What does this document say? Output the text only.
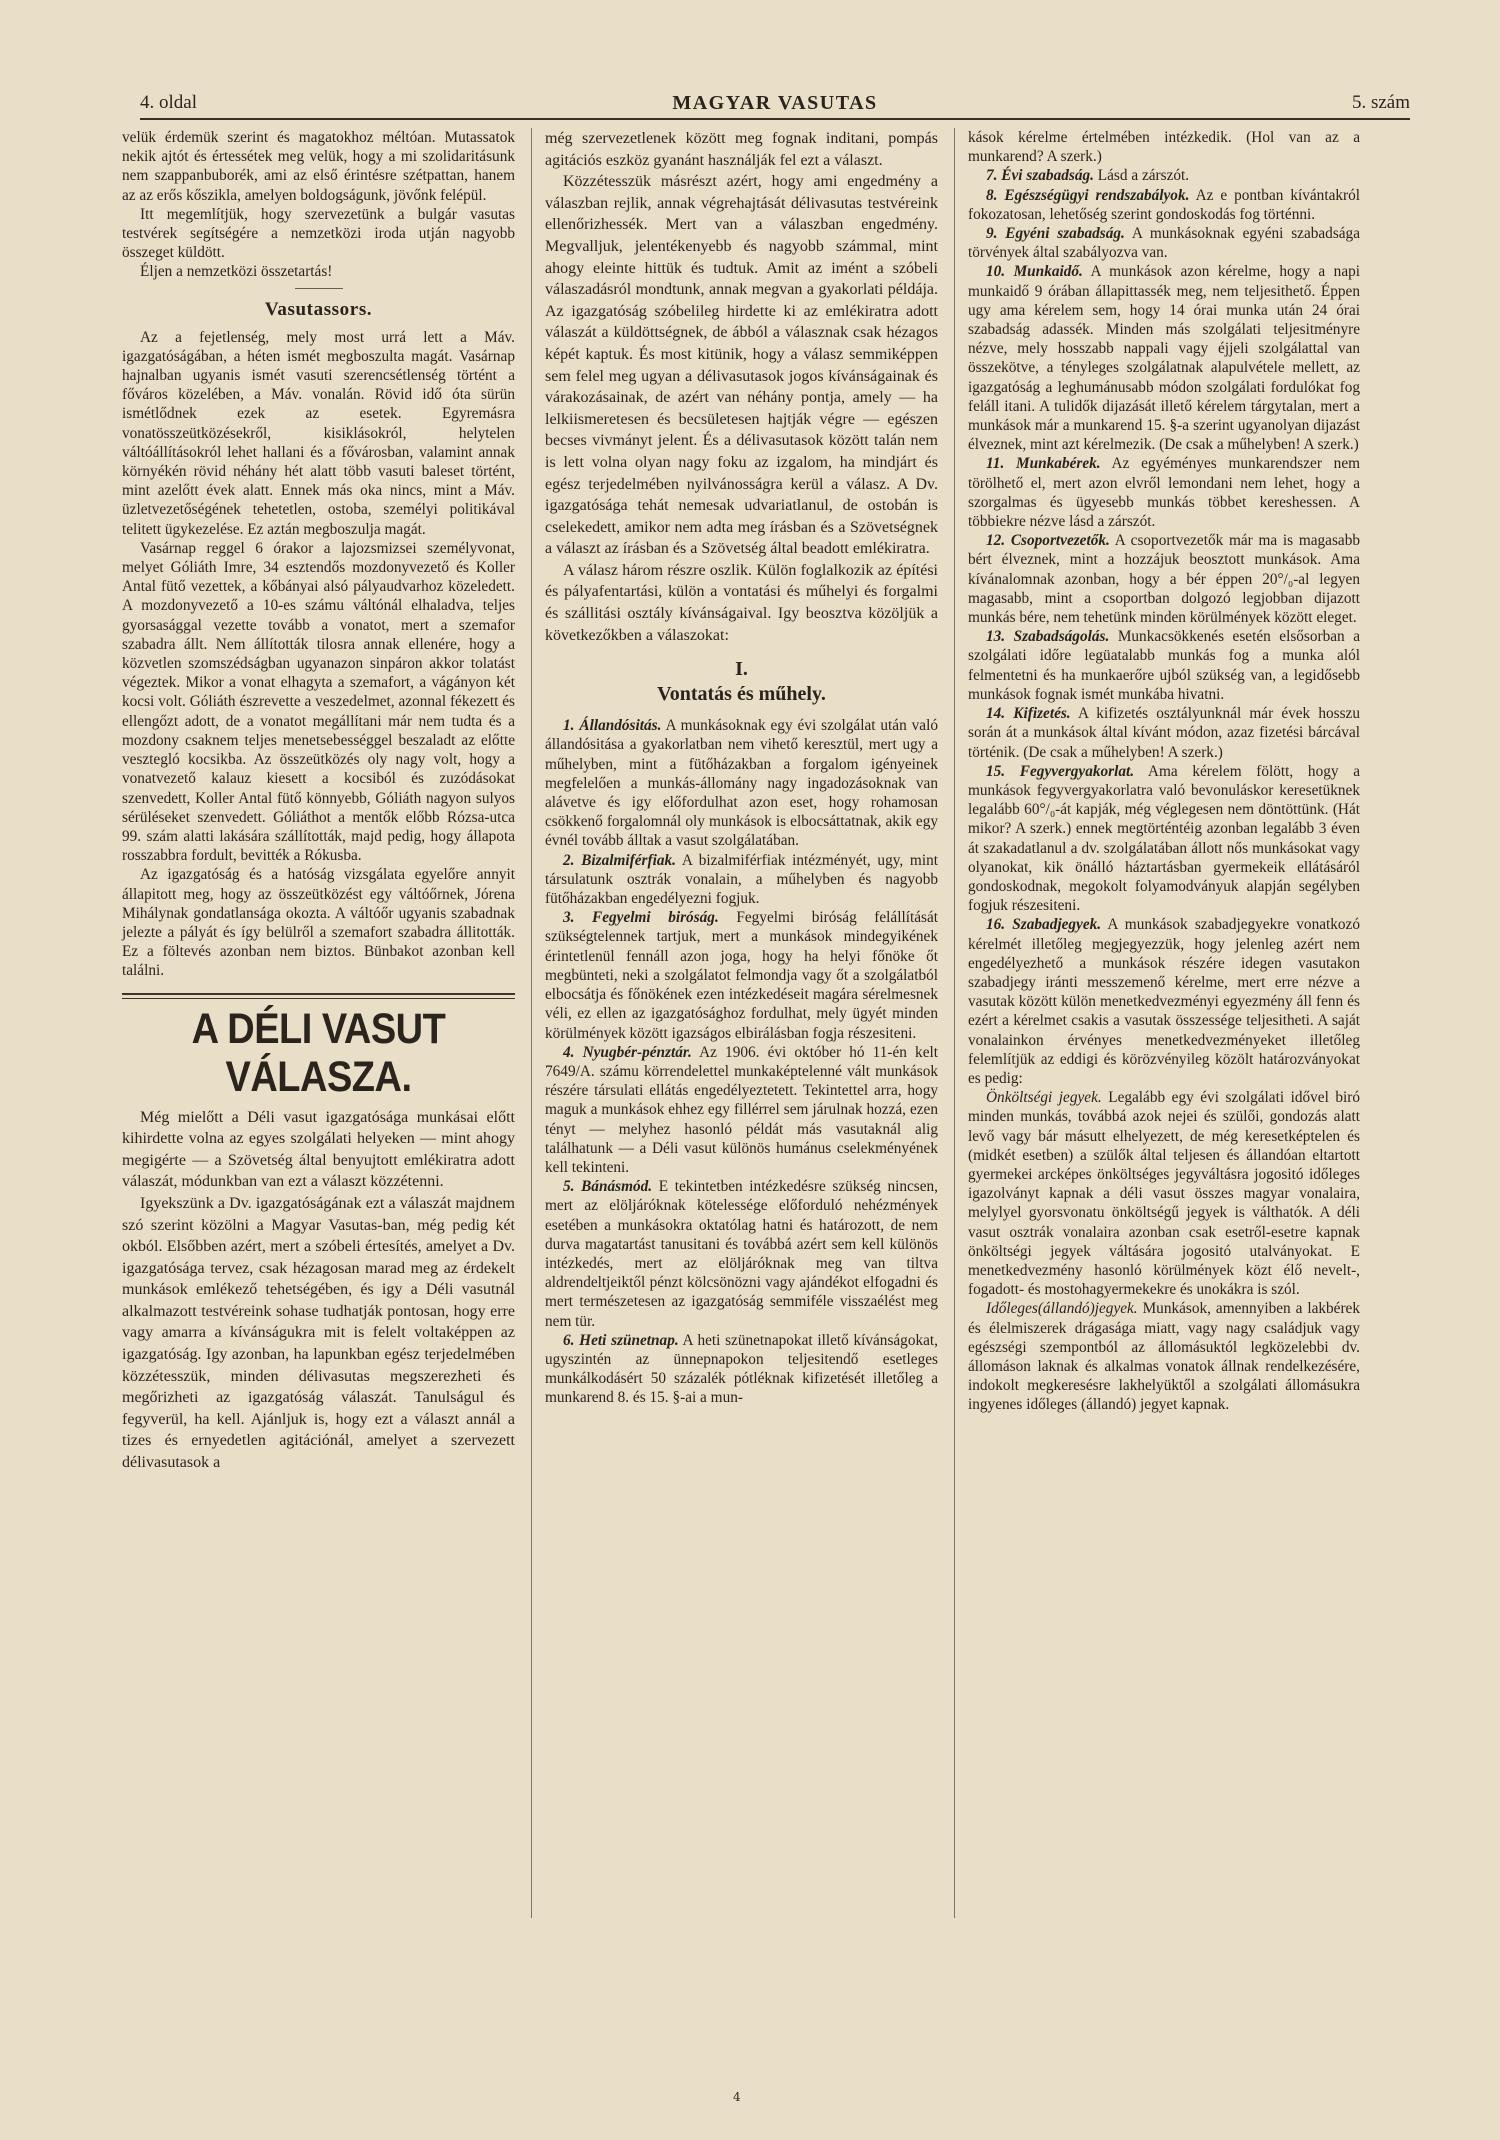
4. oldal	MAGYAR VASUTAS	5. szám

velük érdemük szerint és magatokhoz méltóan. Mutassatok nekik ajtót és értessétek meg velük, hogy a mi szolidaritásunk nem szappanbuborék, ami az első érintésre szétpattan, hanem az az erős kőszikla, amelyen boldogságunk, jövőnk felépül.

Itt megemlítjük, hogy szervezetünk a bulgár vasutas testvérek segítségére a nemzetközi iroda utján nagyobb összeget küldött.

Éljen a nemzetközi összetartás!

Vasutassors.

Az a fejetlenség, mely most urrá lett a Máv. igazgatóságában, a héten ismét megboszulta magát. Vasárnap hajnalban ugyanis ismét vasuti szerencsétlenség történt a főváros közelében, a Máv. vonalán. Rövid idő óta sürün ismétlődnek ezek az esetek. Egyremásra vonatösszeütközésekről, kisiklásokról, helytelen váltóállításokról lehet hallani és a fővárosban, valamint annak környékén rövid néhány hét alatt több vasuti baleset történt, mint azelőtt évek alatt. Ennek más oka nincs, mint a Máv. üzletvezetőségének tehetetlen, ostoba, személyi politikával telitett ügykezelése. Ez aztán megboszulja magát.

Vasárnap reggel 6 órakor a lajozsmizsei személyvonat, melyet Góliáth Imre, 34 esztendős mozdonyvezető és Koller Antal fütő vezettek, a kőbányai alsó pályaudvarhoz közeledett. A mozdonyvezető a 10-es számu váltónál elhaladva, teljes gyorsasággal vezette tovább a vonatot, mert a szemafor szabadra állt. Nem állították tilosra annak ellenére, hogy a közvetlen szomszédságban ugyanazon sinpáron akkor tolatást végeztek. Mikor a vonat elhagyta a szemafort, a vágányon két kocsi volt. Góliáth észrevette a veszedelmet, azonnal fékezett és ellengőzt adott, de a vonatot megállítani már nem tudta és a mozdony csaknem teljes menetsebességgel beszaladt az előtte vesztegló kocsikba. Az összeütközés oly nagy volt, hogy a vonatvezető kalauz kiesett a kocsiból és zuzódásokat szenvedett, Koller Antal fütő könnyebb, Góliáth nagyon sulyos sérüléseket szenvedett. Góliáthot a mentők előbb Rózsa-utca 99. szám alatti lakására szállították, majd pedig, hogy állapota rosszabbra fordult, bevitték a Rókusba.

Az igazgatóság és a hatóság vizsgálata egyelőre annyit állapitott meg, hogy az összeütközést egy váltóőrnek, Jórena Mihálynak gondatlansága okozta. A váltóőr ugyanis szabadnak jelezte a pályát és így belülről a szemafort szabadra állitották. Ez a föltevés azonban nem biztos. Bünbakot azonban kell találni.

A DÉLI VASUT VÁLASZA.

Még mielőtt a Déli vasut igazgatósága munkásai előtt kihirdette volna az egyes szolgálati helyeken — mint ahogy megigérte — a Szövetség által benyujtott emlékiratra adott válaszát, módunkban van ezt a választ közzétenni.

Igyekszünk a Dv. igazgatóságának ezt a válaszát majdnem szó szerint közölni a Magyar Vasutas-ban, még pedig két okból. Elsőbben azért, mert a szóbeli értesítés, amelyet a Dv. igazgatósága tervez, csak hézagosan marad meg az érdekelt munkások emlékező tehetségében, és igy a Déli vasutnál alkalmazott testvéreink sohase tudhatják pontosan, hogy erre vagy amarra a kívánságukra mit is felelt voltaképpen az igazgatóság. Igy azonban, ha lapunkban egész terjedelmében közzétesszük, minden délivasutas megszerezheti és megőrizheti az igazgatóság válaszát. Tanulságul és fegyverül, ha kell. Ajánljuk is, hogy ezt a választ annál a tizes és ernyedetlen agitációnál, amelyet a szervezett délivasutasok a

még szervezetlenek között meg fognak inditani, pompás agitációs eszköz gyanánt használják fel ezt a választ.

Közzétesszük másrészt azért, hogy ami engedmény a válaszban rejlik, annak végrehajtását délivasutas testvéreink ellenőrizhessék. Mert van a válaszban engedmény. Megvalljuk, jelentékenyebb és nagyobb számmal, mint ahogy eleinte hittük és tudtuk. Amit az imént a szóbeli válaszadásról mondtunk, annak megvan a gyakorlati példája. Az igazgatóság szóbelileg hirdette ki az emlékiratra adott válaszát a küldöttségnek, de ábból a válasznak csak hézagos képét kaptuk. És most kitünik, hogy a válasz semmiképpen sem felel meg ugyan a délivasutasok jogos kívánságainak és várakozásainak, de azért van néhány pontja, amely — ha lelkiismeretesen és becsületesen hajtják végre — egészen becses vivmányt jelent. És a délivasutasok között talán nem is lett volna olyan nagy foku az izgalom, ha mindjárt és egész terjedelmében nyilvánosságra kerül a válasz. A Dv. igazgatósága tehát nemesak udvariatlanul, de ostobán is cselekedett, amikor nem adta meg írásban és a Szövetségnek a választ az írásban és a Szövetség által beadott emlékiratra.

A válasz három részre oszlik. Külön foglalkozik az építési és pályafentartási, külön a vontatási és műhelyi és forgalmi és szállitási osztály kívánságaival. Igy beosztva közöljük a következőkben a válaszokat:

I.
Vontatás és műhely.

1. Állandósitás. A munkásoknak egy évi szolgálat után való állandósitása a gyakorlatban nem vihető keresztül, mert ugy a műhelyben, mint a fütőházakban a forgalom igényeinek megfelelően a munkás-állomány nagy ingadozásoknak van alávetve és igy előfordulhat azon eset, hogy rohamosan csökkenő forgalomnál oly munkások is elbocsáttatnak, akik egy évnél tovább álltak a vasut szolgálatában.

2. Bizalmiférfiak. A bizalmiférfiak intézményét, ugy, mint társulatunk osztrák vonalain, a műhelyben és nagyobb fütőházakban engedélyezni fogjuk.

3. Fegyelmi biróság. Fegyelmi biróság felállítását szükségtelennek tartjuk, mert a munkások mindegyikének érintetlenül fennáll azon joga, hogy ha helyi főnöke őt megbünteti, neki a szolgálatot felmondja vagy őt a szolgálatból elbocsátja és főnökének ezen intézkedéseit magára sérelmesnek véli, ez ellen az igazgatósághoz fordulhat, mely ügyét minden körülmények között igazságos elbirálásban fogja részesiteni.

4. Nyugbér-pénztár. Az 1906. évi október hó 11-én kelt 7649/A. számu körrendelettel munkaképtelenné vált munkások részére társulati ellátás engedélyeztetett. Tekintettel arra, hogy maguk a munkások ehhez egy fillérrel sem járulnak hozzá, ezen tényt — melyhez hasonló példát más vasutaknál alig találhatunk — a Déli vasut különös humánus cselekményének kell tekinteni.

5. Bánásmód. E tekintetben intézkedésre szükség nincsen, mert az elöljáróknak kötelessége előforduló nehézmények esetében a munkásokra oktatólag hatni és határozott, de nem durva magatartást tanusitani és továbbá azért sem kell különös intézkedés, mert az elöljáróknak meg van tiltva aldrendeltjeiktől pénzt kölcsönözni vagy ajándékot elfogadni és mert természetesen az igazgatóság semmiféle visszaélést meg nem tür.

6. Heti szünetnap. A heti szünetnapokat illető kívánságokat, ugyszintén az ünnepnapokon teljesitendő esetleges munkálkodásért 50 százalék pótléknak kifizetését illetőleg a munkarend 8. és 15. §-ai a mun-

kások kérelme értelmében intézkedik. (Hol van az a munkarend? A szerk.)

7. Évi szabadság. Lásd a zárszót.

8. Egészségügyi rendszabályok. Az e pontban kívántakról fokozatosan, lehetőség szerint gondoskodás fog történni.

9. Egyéni szabadság. A munkásoknak egyéni szabadsága törvények által szabályozva van.

10. Munkaidő. A munkások azon kérelme, hogy a napi munkaidő 9 órában állapittassék meg, nem teljesithető. Éppen ugy ama kérelem sem, hogy 14 órai munka után 24 órai szabadság adassék. Minden más szolgálati teljesitményre nézve, mely hosszabb nappali vagy éjjeli szolgálattal van összekötve, a tényleges szolgálatnak alapulvétele mellett, az igazgatóság a leghumánusabb módon szolgálati fordulókat fog feláll itani. A tulidők dijazását illető kérelem tárgytalan, mert a munkások már a munkarend 15. §-a szerint ugyanolyan dijazást élveznek, mint azt kérelmezik. (De csak a műhelyben! A szerk.)

11. Munkabérek. Az egyéményes munkarendszer nem törölhető el, mert azon elvről lemondani nem lehet, hogy a szorgalmas és ügyesebb munkás többet kereshessen. A többiekre nézve lásd a zárszót.

12. Csoportvezetők. A csoportvezetők már ma is magasabb bért élveznek, mint a hozzájuk beosztott munkások. Ama kívánalomnak azonban, hogy a bér éppen 20°/₀-al legyen magasabb, mint a csoportban dolgozó legjobban dijazott munkás bére, nem tehetünk minden körülmények között eleget.

13. Szabadságolás. Munkacsökkenés esetén elsősorban a szolgálati időre legüatalabb munkás fog a munka alól felmentetni és ha munkaerőre ujból szükség van, a legidősebb munkások fognak ismét munkába hivatni.

14. Kifizetés. A kifizetés osztályunknál már évek hosszu során át a munkások által kívánt módon, azaz fizetési bárcával történik. (De csak a műhelyben! A szerk.)

15. Fegyvergyakorlat. Ama kérelem fölött, hogy a munkások fegyvergyakorlatra való bevonuláskor keresetüknek legalább 60°/₀-át kapják, még véglegesen nem döntöttünk. (Hát mikor? A szerk.) ennek megtörténtéig azonban legalább 3 éven át szakadatlanul a dv. szolgálatában állott nős munkásokat vagy olyanokat, kik önálló háztartásban gyermekeik ellátásáról gondoskodnak, megokolt folyamodványuk alapján segélyben fogjuk részesiteni.

16. Szabadjegyek. A munkások szabadjegyekre vonatkozó kérelmét illetőleg megjegyezzük, hogy jelenleg azért nem engedélyezhető a munkások részére idegen vasutakon szabadjegy iránti messzemenő kérelme, mert erre nézve a vasutak között külön menetkedvezményi egyezmény áll fenn és ezért a kérelmet csakis a vasutak összessége teljesitheti. A saját vonalainkon érvényes menetkedvezményeket illetőleg felemlítjük az eddigi és körözvényileg közölt határozványokat es pedig:

Önköltségi jegyek. Legalább egy évi szolgálati idővel biró minden munkás, továbbá azok nejei és szülői, gondozás alatt levő vagy bár másutt elhelyezett, de még keresetképtelen és (midkét esetben) a szülők által teljesen és állandóan eltartott gyermekei arcképes önköltséges jegyváltásra jogositó időleges igazolványt kapnak a déli vasut összes magyar vonalaira, melylyel gyorsvonatu önköltségű jegyek is válthatók. A déli vasut osztrák vonalaira azonban csak esetről-esetre kapnak önköltségi jegyek váltására jogositó utalványokat. E menetkedvezmény hasonló körülmények közt élő nevelt-, fogadott- és mostohagyermekekre és unokákra is szól.

Időleges(állandó)jegyek. Munkások, amennyiben a lakbérek és élelmiszerek drágasága miatt, vagy nagy családjuk vagy egészségi szempontból az állomásuktól legközelebbi dv. állomáson laknak és alkalmas vonatok állnak rendelkezésére, indokolt megkeresésre lakhelyüktől a szolgálati állomásukra ingyenes időleges (állandó) jegyet kapnak.

4
